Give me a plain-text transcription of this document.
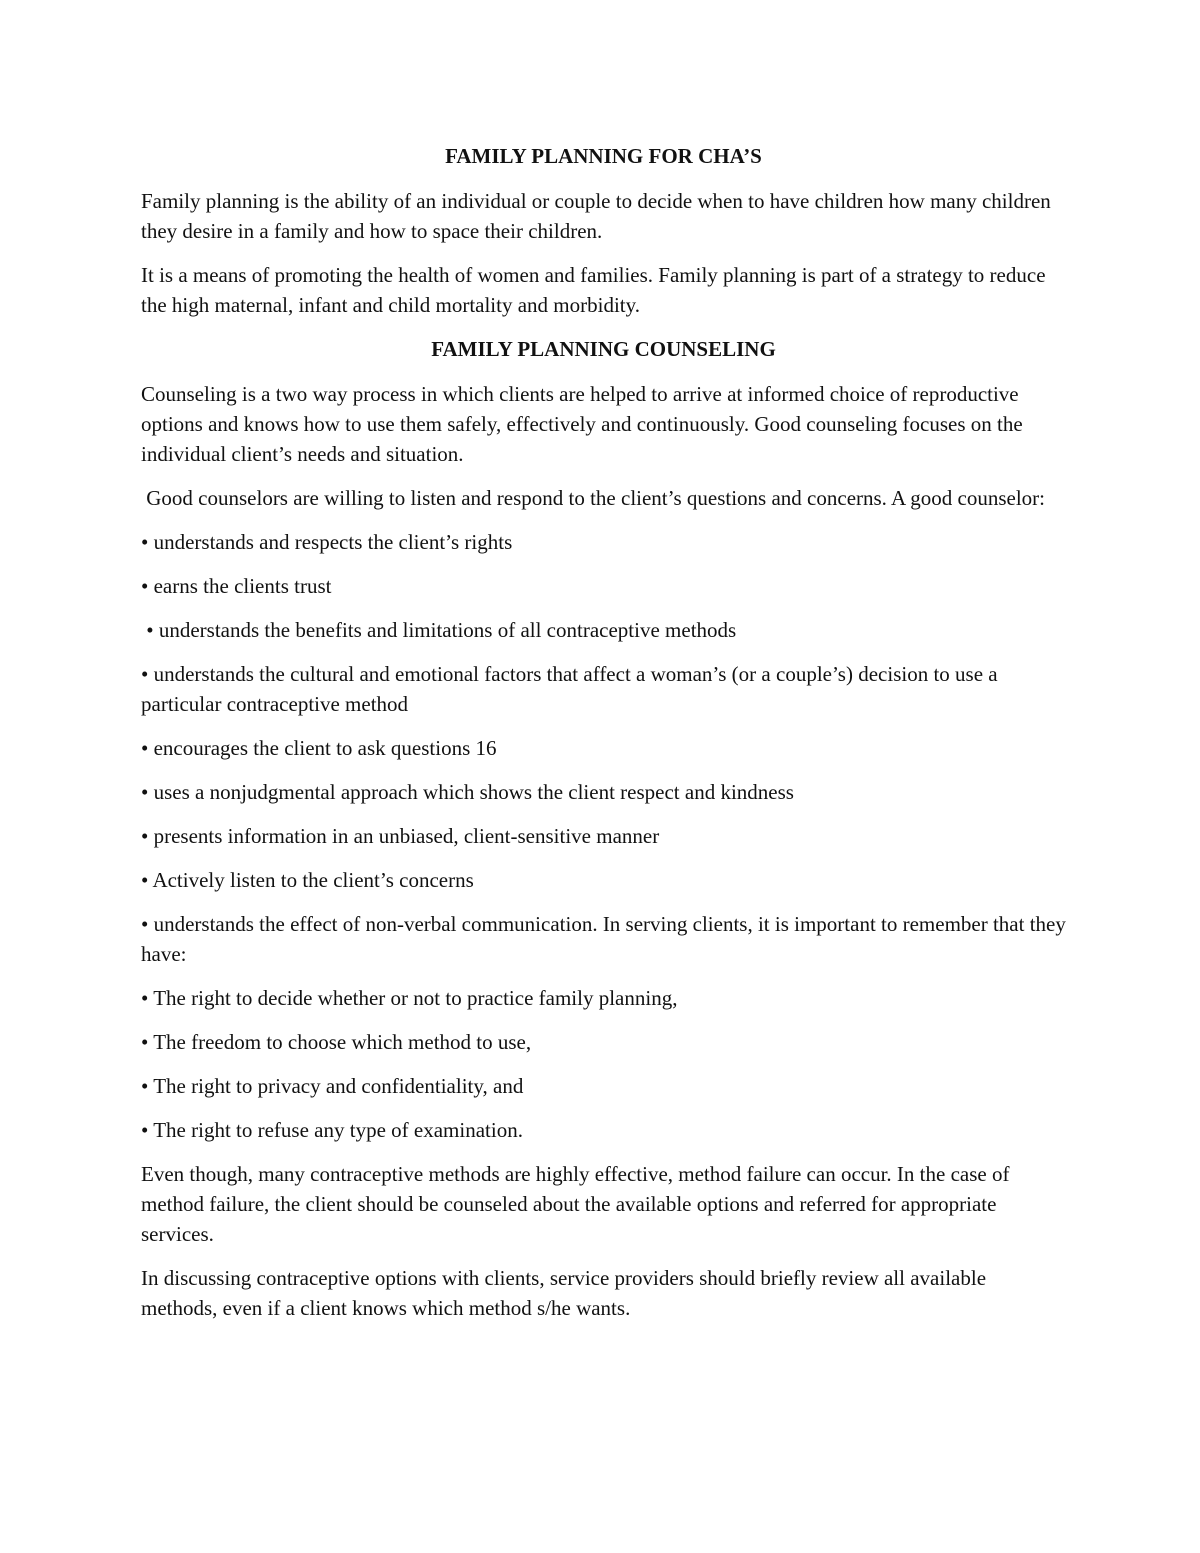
FAMILY PLANNING FOR CHA’S

Family planning is the ability of an individual or couple to decide when to have children how many children they desire in a family and how to space their children.

It is a means of promoting the health of women and families. Family planning is part of a strategy to reduce the high maternal, infant and child mortality and morbidity.

FAMILY PLANNING COUNSELING

Counseling is a two way process in which clients are helped to arrive at informed choice of reproductive options and knows how to use them safely, effectively and continuously. Good counseling focuses on the individual client’s needs and situation.

Good counselors are willing to listen and respond to the client’s questions and concerns. A good counselor:

• understands and respects the client’s rights

• earns the clients trust

• understands the benefits and limitations of all contraceptive methods

• understands the cultural and emotional factors that affect a woman’s (or a couple’s) decision to use a particular contraceptive method

• encourages the client to ask questions 16

• uses a nonjudgmental approach which shows the client respect and kindness

• presents information in an unbiased, client-sensitive manner

• Actively listen to the client’s concerns

• understands the effect of non-verbal communication. In serving clients, it is important to remember that they have:

• The right to decide whether or not to practice family planning,

• The freedom to choose which method to use,

• The right to privacy and confidentiality, and

• The right to refuse any type of examination.

Even though, many contraceptive methods are highly effective, method failure can occur. In the case of method failure, the client should be counseled about the available options and referred for appropriate services.

In discussing contraceptive options with clients, service providers should briefly review all available methods, even if a client knows which method s/he wants.
